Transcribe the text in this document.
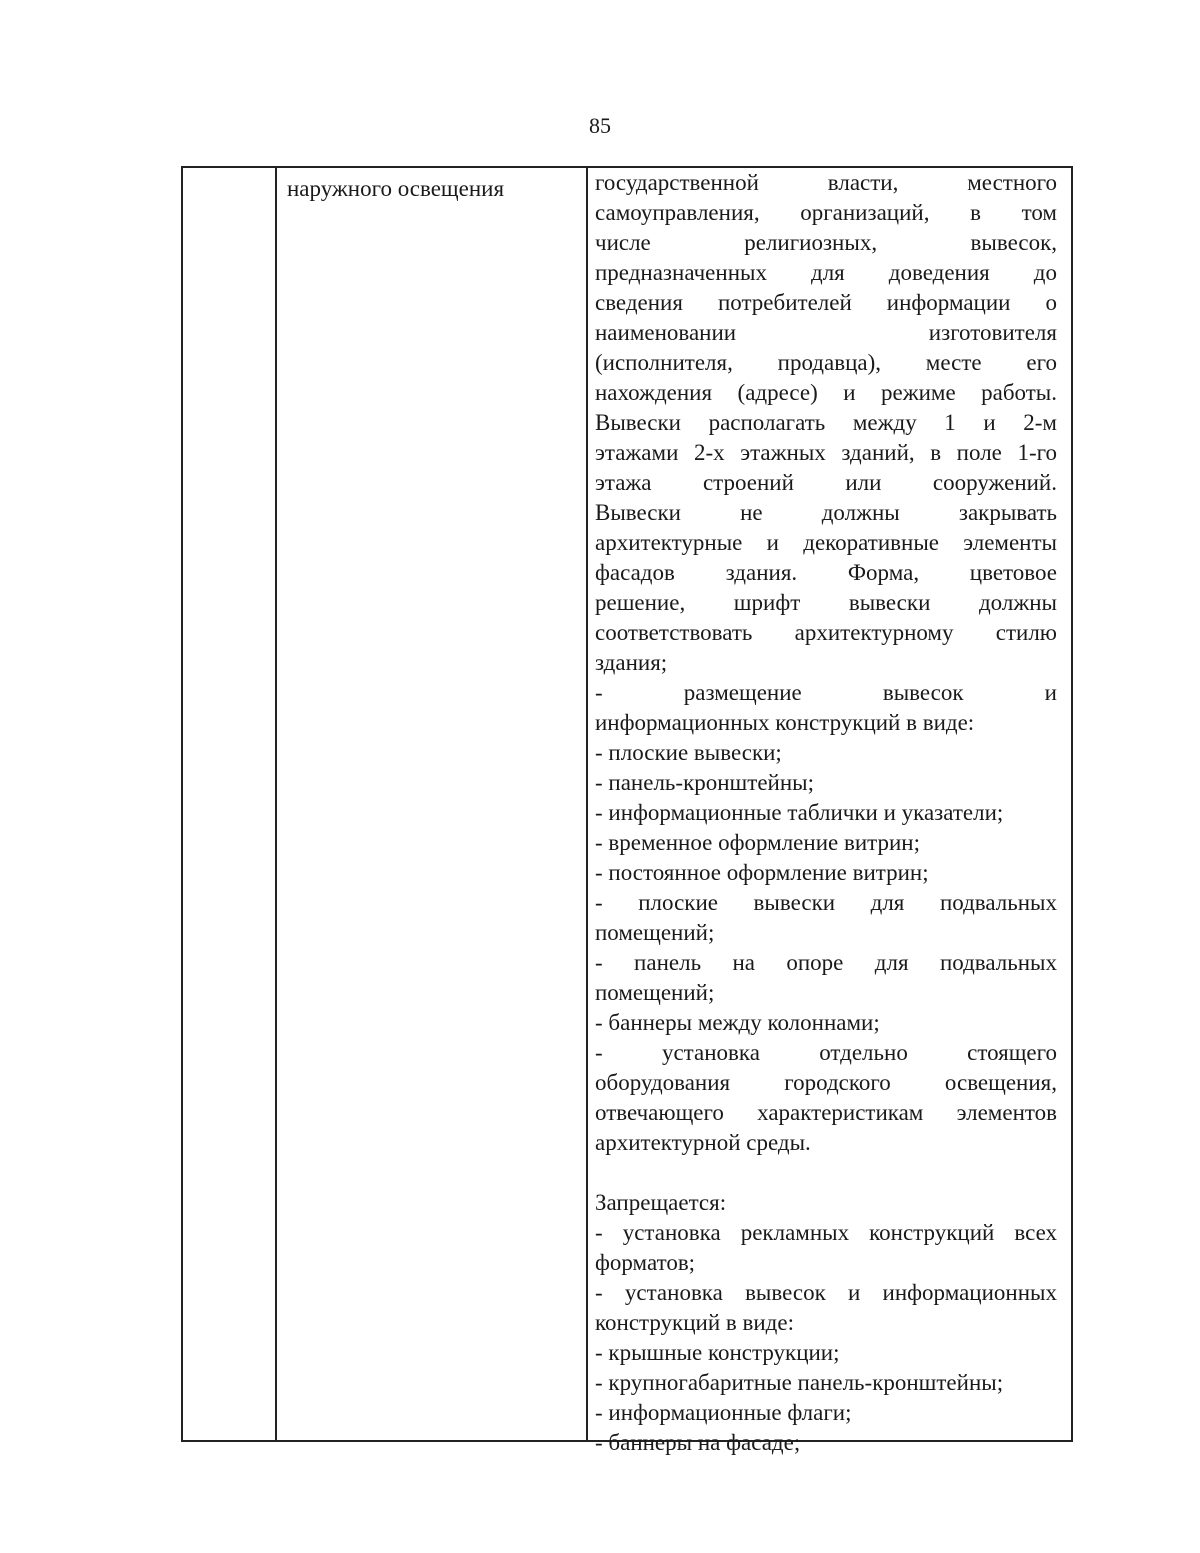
85
наружного освещения	государственной власти, местного
самоуправления, организаций, в том
числе религиозных, вывесок,
предназначенных для доведения до
сведения потребителей информации о
наименовании изготовителя
(исполнителя, продавца), месте его
нахождения (адресе) и режиме работы.
Вывески располагать между 1 и 2-м
этажами 2-х этажных зданий, в поле 1-го
этажа строений или сооружений.
Вывески не должны закрывать
архитектурные и декоративные элементы
фасадов здания. Форма, цветовое
решение, шрифт вывески должны
соответствовать архитектурному стилю
здания;
- размещение вывесок и
информационных конструкций в виде:
- плоские вывески;
- панель-кронштейны;
- информационные таблички и указатели;
- временное оформление витрин;
- постоянное оформление витрин;
- плоские вывески для подвальных
помещений;
- панель на опоре для подвальных
помещений;
- баннеры между колоннами;
- установка отдельно стоящего
оборудования городского освещения,
отвечающего характеристикам элементов
архитектурной среды.
Запрещается:
- установка рекламных конструкций всех
форматов;
- установка вывесок и информационных
конструкций в виде:
- крышные конструкции;
- крупногабаритные панель-кронштейны;
- информационные флаги;
- баннеры на фасаде;
